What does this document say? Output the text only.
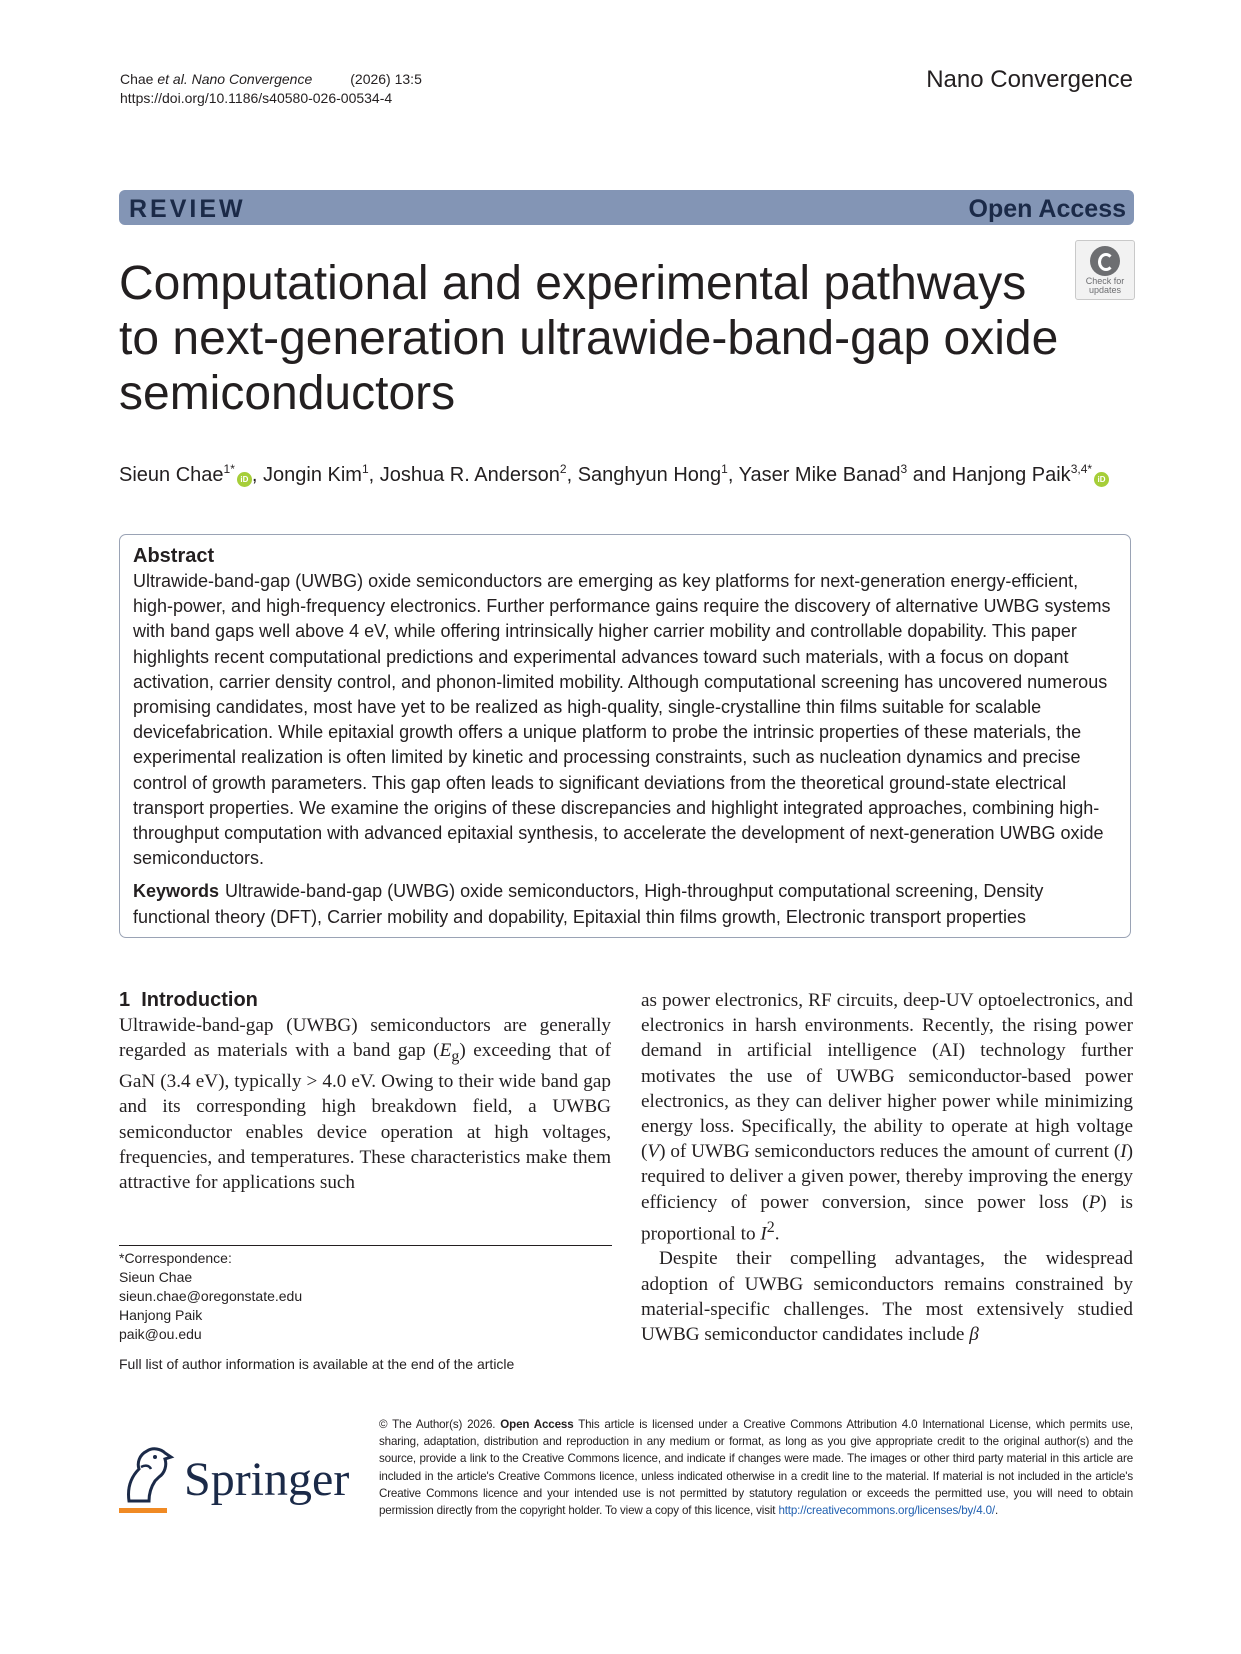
Chae et al. Nano Convergence	(2026) 13:5
https://doi.org/10.1186/s40580-026-00534-4
Nano Convergence
REVIEW	Open Access
Check for
updates
Computational and experimental pathways
to next-generation ultrawide-band-gap oxide
semiconductors
Sieun Chae$^{1*}$iD , Jongin Kim$^1$, Joshua R. Anderson$^2$, Sanghyun Hong$^1$, Yaser Mike Banad$^3$ and Hanjong Paik$^{3,4*}$iD
Abstract
Ultrawide-band-gap (UWBG) oxide semiconductors are emerging as key platforms for next-generation energy-efficient, high-power, and high-frequency electronics. Further performance gains require the discovery of alternative UWBG systems with band gaps well above 4 eV, while offering intrinsically higher carrier mobility and controllable dopability. This paper highlights recent computational predictions and experimental advances toward such materials, with a focus on dopant activation, carrier density control, and phonon-limited mobility. Although computational screening has uncovered numerous promising candidates, most have yet to be realized as high-quality, single-crystalline thin films suitable for scalable devicefabrication. While epitaxial growth offers a unique platform to probe the intrinsic properties of these materials, the experimental realization is often limited by kinetic and processing constraints, such as nucleation dynamics and precise control of growth parameters. This gap often leads to significant deviations from the theoretical ground-state electrical transport properties. We examine the origins of these discrepancies and highlight integrated approaches, combining high-throughput computation with advanced epitaxial synthesis, to accelerate the development of next-generation UWBG oxide semiconductors.
Keywords Ultrawide-band-gap (UWBG) oxide semiconductors, High-throughput computational screening, Density functional theory (DFT), Carrier mobility and dopability, Epitaxial thin films growth, Electronic transport properties
1 Introduction

Ultrawide-band-gap (UWBG) semiconductors are generally regarded as materials with a band gap $(E_g)$ exceeding that of GaN (3.4 eV), typically > 4.0 eV. Owing to their wide band gap and its corresponding high breakdown field, a UWBG semiconductor enables device operation at high voltages, frequencies, and temperatures. These characteristics make them attractive for applications such

as power electronics, RF circuits, deep-UV optoelectronics, and electronics in harsh environments. Recently, the rising power demand in artificial intelligence (AI) technology further motivates the use of UWBG semiconductor-based power electronics, as they can deliver higher power while minimizing energy loss. Specifically, the ability to operate at high voltage (V) of UWBG semiconductors reduces the amount of current (I) required to deliver a given power, thereby improving the energy efficiency of power conversion, since power loss (P) is proportional to $I^2$.

Despite their compelling advantages, the widespread adoption of UWBG semiconductors remains constrained by material-specific challenges. The most extensively studied UWBG semiconductor candidates include β

*Correspondence:
Sieun Chae
sieun.chae@oregonstate.edu
Hanjong Paik
paik@ou.edu
Full list of author information is available at the end of the article
Springer
© The Author(s) 2026. Open Access This article is licensed under a Creative Commons Attribution 4.0 International License, which permits use, sharing, adaptation, distribution and reproduction in any medium or format, as long as you give appropriate credit to the original author(s) and the source, provide a link to the Creative Commons licence, and indicate if changes were made. The images or other third party material in this article are included in the article's Creative Commons licence, unless indicated otherwise in a credit line to the material. If material is not included in the article's Creative Commons licence and your intended use is not permitted by statutory regulation or exceeds the permitted use, you will need to obtain permission directly from the copyright holder. To view a copy of this licence, visit http://creativecommons.org/licenses/by/4.0/.
